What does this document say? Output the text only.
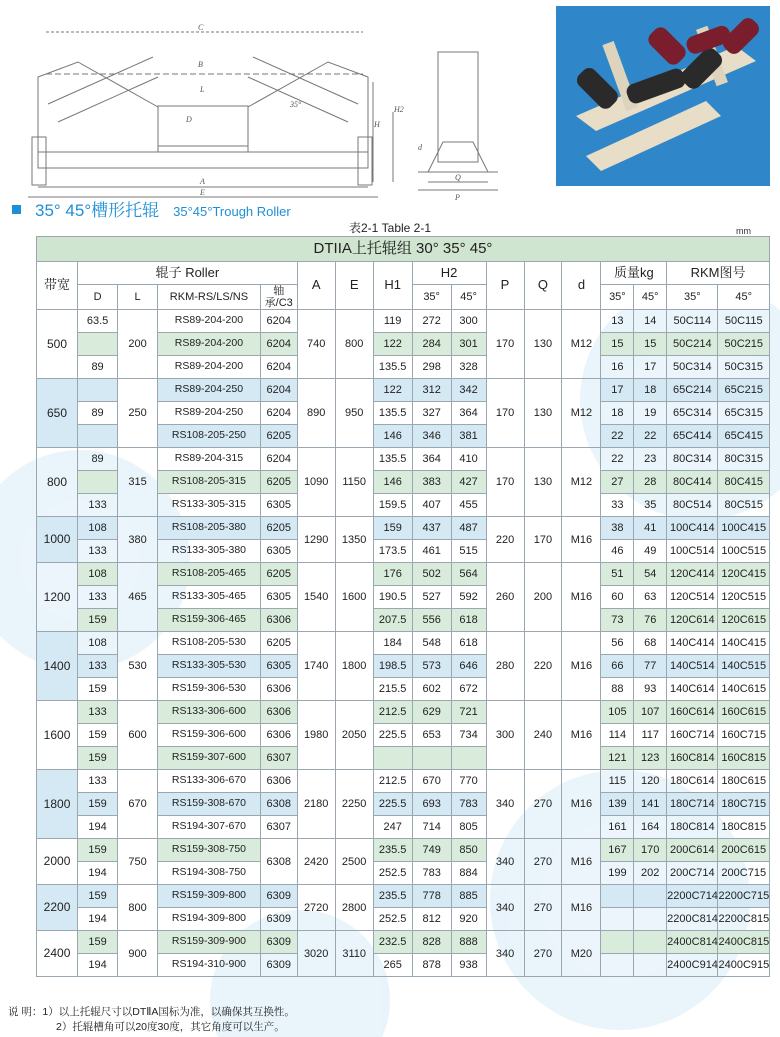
C
B
L
D
35°
H
H2
A
E
d
Q
P
35° 45°槽形托辊 35°45°Trough Roller
表2-1 Table 2-1	mm
DTIIA上托辊组 30° 35° 45°																
带宽	辊子 Roller				A	E	H1	H2		P	Q	d	质量kg		RKM图号	
	D	L	RKM-RS/LS/NS	轴承/C3				35°	45°				35°	45°	35°	45°
500	63.5	200	RS89-204-200	6204	740	800	119	272	300	170	130	M12	13	14	50C114	50C115
			RS89-204-200	6204			122	284	301				15	15	50C214	50C215
	89		RS89-204-200	6204			135.5	298	328				16	17	50C314	50C315
650		250	RS89-204-250	6204	890	950	122	312	342	170	130	M12	17	18	65C214	65C215
	89		RS89-204-250	6204			135.5	327	364				18	19	65C314	65C315
			RS108-205-250	6205			146	346	381				22	22	65C414	65C415
800	89	315	RS89-204-315	6204	1090	1150	135.5	364	410	170	130	M12	22	23	80C314	80C315
			RS108-205-315	6205			146	383	427				27	28	80C414	80C415
	133		RS133-305-315	6305			159.5	407	455				33	35	80C514	80C515
1000	108	380	RS108-205-380	6205	1290	1350	159	437	487	220	170	M16	38	41	100C414	100C415
	133		RS133-305-380	6305			173.5	461	515				46	49	100C514	100C515
1200	108	465	RS108-205-465	6205	1540	1600	176	502	564	260	200	M16	51	54	120C414	120C415
	133		RS133-305-465	6305			190.5	527	592				60	63	120C514	120C515
	159		RS159-306-465	6306			207.5	556	618				73	76	120C614	120C615
1400	108	530	RS108-205-530	6205	1740	1800	184	548	618	280	220	M16	56	68	140C414	140C415
	133		RS133-305-530	6305			198.5	573	646				66	77	140C514	140C515
	159		RS159-306-530	6306			215.5	602	672				88	93	140C614	140C615
1600	133	600	RS133-306-600	6306	1980	2050	212.5	629	721	300	240	M16	105	107	160C614	160C615
	159		RS159-306-600	6306			225.5	653	734				114	117	160C714	160C715
	159		RS159-307-600	6307									121	123	160C814	160C815
1800	133	670	RS133-306-670	6306	2180	2250	212.5	670	770	340	270	M16	115	120	180C614	180C615
	159		RS159-308-670	6308			225.5	693	783				139	141	180C714	180C715
	194		RS194-307-670	6307			247	714	805				161	164	180C814	180C815
2000	159	750	RS159-308-750	6308	2420	2500	235.5	749	850	340	270	M16	167	170	200C614	200C615
	194		RS194-308-750				252.5	783	884				199	202	200C714	200C715
2200	159	800	RS159-309-800	6309	2720	2800	235.5	778	885	340	270	M16			2200C714	2200C715
	194		RS194-309-800	6309			252.5	812	920						2200C814	2200C815
2400	159	900	RS159-309-900	6309	3020	3110	232.5	828	888	340	270	M20			2400C814	2400C815
	194		RS194-310-900	6309			265	878	938						2400C914	2400C915
说 明：1）以上托辊尺寸以DTⅡA国标为准，以确保其互换性。
2）托辊槽角可以20度30度，其它角度可以生产。
